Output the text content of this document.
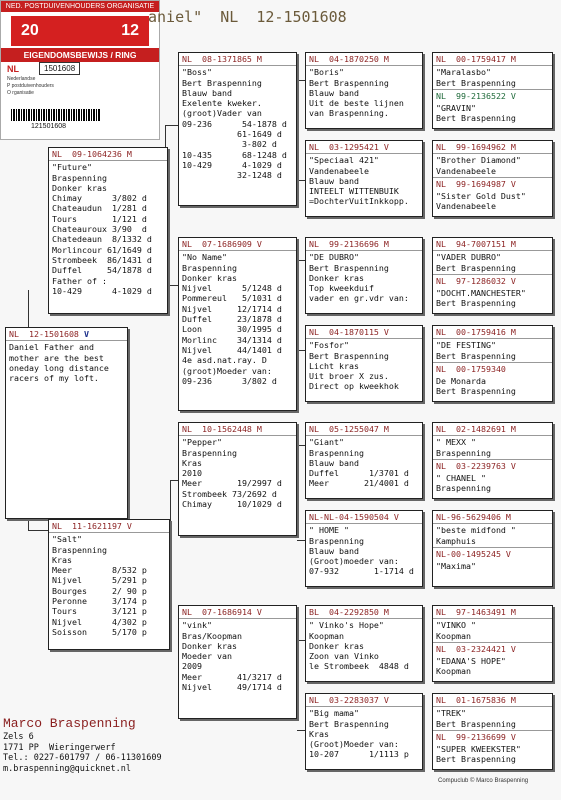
NED. POSTDUIVENHOUDERS ORGANISATIE
20	12
EIGENDOMSBEWIJS / RING
NL	1501608
Nederlandse
P postduivenhouders
O rganisatie
121501608
aniel"  NL  12-1501608
NL  12-1501608 V
Daniel Father and mother are the best oneday long distance racers of my loft.
NL  09-1064236 M
"Future"
Braspenning
Donker kras
Chimay      3/802 d
Chateaudun  1/281 d
Tours       1/121 d
Chateauroux 3/90  d
Chatedeaun  8/1332 d
Morlincour 61/1649 d
Strombeek  86/1431 d
Duffel     54/1878 d
Father of :
10-429      4-1029 d
NL  11-1621197 V
"Salt"
Braspenning
Kras
Meer        8/532 p
Nijvel      5/291 p
Bourges     2/ 90 p
Peronne     3/174 p
Tours       3/121 p
Nijvel      4/302 p
Soisson     5/170 p
NL  08-1371865 M
"Boss"
Bert Braspenning
Blauw band
Exelente kweker.
(groot)Vader van
09-236      54-1878 d
61-1649 d
3-802 d
10-435      68-1248 d
10-429      4-1029 d
32-1248 d
NL  07-1686909 V
"No Name"
Braspenning
Donker kras
Nijvel      5/1248 d
Pommereul   5/1031 d
Nijvel     12/1714 d
Duffel     23/1878 d
Loon       30/1995 d
Morlinc    34/1314 d
Nijvel     44/1401 d
4e asd.nat.ray. D
(groot)Moeder van:
09-236      3/802 d
NL  10-1562448 M
"Pepper"
Braspenning
Kras
2010
Meer       19/2997 d
Strombeek 73/2692 d
Chimay     10/1029 d
NL  07-1686914 V
"vink"
Bras/Koopman
Donker kras
Moeder van
2009
Meer       41/3217 d
Nijvel     49/1714 d
NL  04-1870250 M
"Boris"
Bert Braspenning
Blauw band
Uit de beste lijnen
van Braspenning.
NL  03-1295421 V
"Speciaal 421"
Vandenabeele
Blauw band
INTEELT WITTENBUIK
=DochterVuitInkkopp.
NL  99-2136696 M
"DE DUBRO"
Bert Braspenning
Donker kras
Top kweekduif
vader en gr.vdr van:
NL  04-1870115 V
"Fosfor"
Bert Braspenning
Licht kras
Uit broer X zus.
Direct op kweekhok
NL  05-1255047 M
"Giant"
Braspenning
Blauw band
Duffel      1/3701 d
Meer       21/4001 d
NL-NL-04-1590504 V
" HOME "
Braspenning
Blauw band
(Groot)moeder van:
07-932       1-1714 d
BL  04-2292850 M
" Vinko's Hope"
Koopman
Donker kras
Zoon van Vinko
le Strombeek  4848 d
NL  03-2283037 V
"Big mama"
Bert Braspenning
Kras
(Groot)Moeder van:
10-207      1/1113 p
NL  00-1759417 M
"Maralasbo"
Bert Braspenning
NL  99-2136522 V
"GRAVIN"
Bert Braspenning
NL  99-1694962 M
"Brother Diamond"
Vandenabeele
NL  99-1694987 V
"Sister Gold Dust"
Vandenabeele
NL  94-7007151 M
"VADER DUBRO"
Bert Braspenning
NL  97-1286032 V
"DOCHT.MANCHESTER"
Bert Braspenning
NL  00-1759416 M
"DE FESTING"
Bert Braspenning
NL  00-1759340
De Monarda
Bert Braspenning
NL  02-1482691 M
" MEXX "
Braspenning
NL  03-2239763 V
" CHANEL "
Braspenning
NL-96-5629406 M
"beste midfond "
Kamphuis
NL-00-1495245 V
"Maxima"
NL  97-1463491 M
"VINKO "
Koopman
NL  03-2324421 V
"EDANA'S HOPE"
Koopman
NL  01-1675836 M
"TREK"
Bert Braspenning
NL  99-2136699 V
"SUPER KWEEKSTER"
Bert Braspenning
Marco Braspenning
Zels 6
1771 PP  Wieringerwerf
Tel.: 0227-601797 / 06-11301609
m.braspenning@quicknet.nl
Compuclub © Marco Braspenning
